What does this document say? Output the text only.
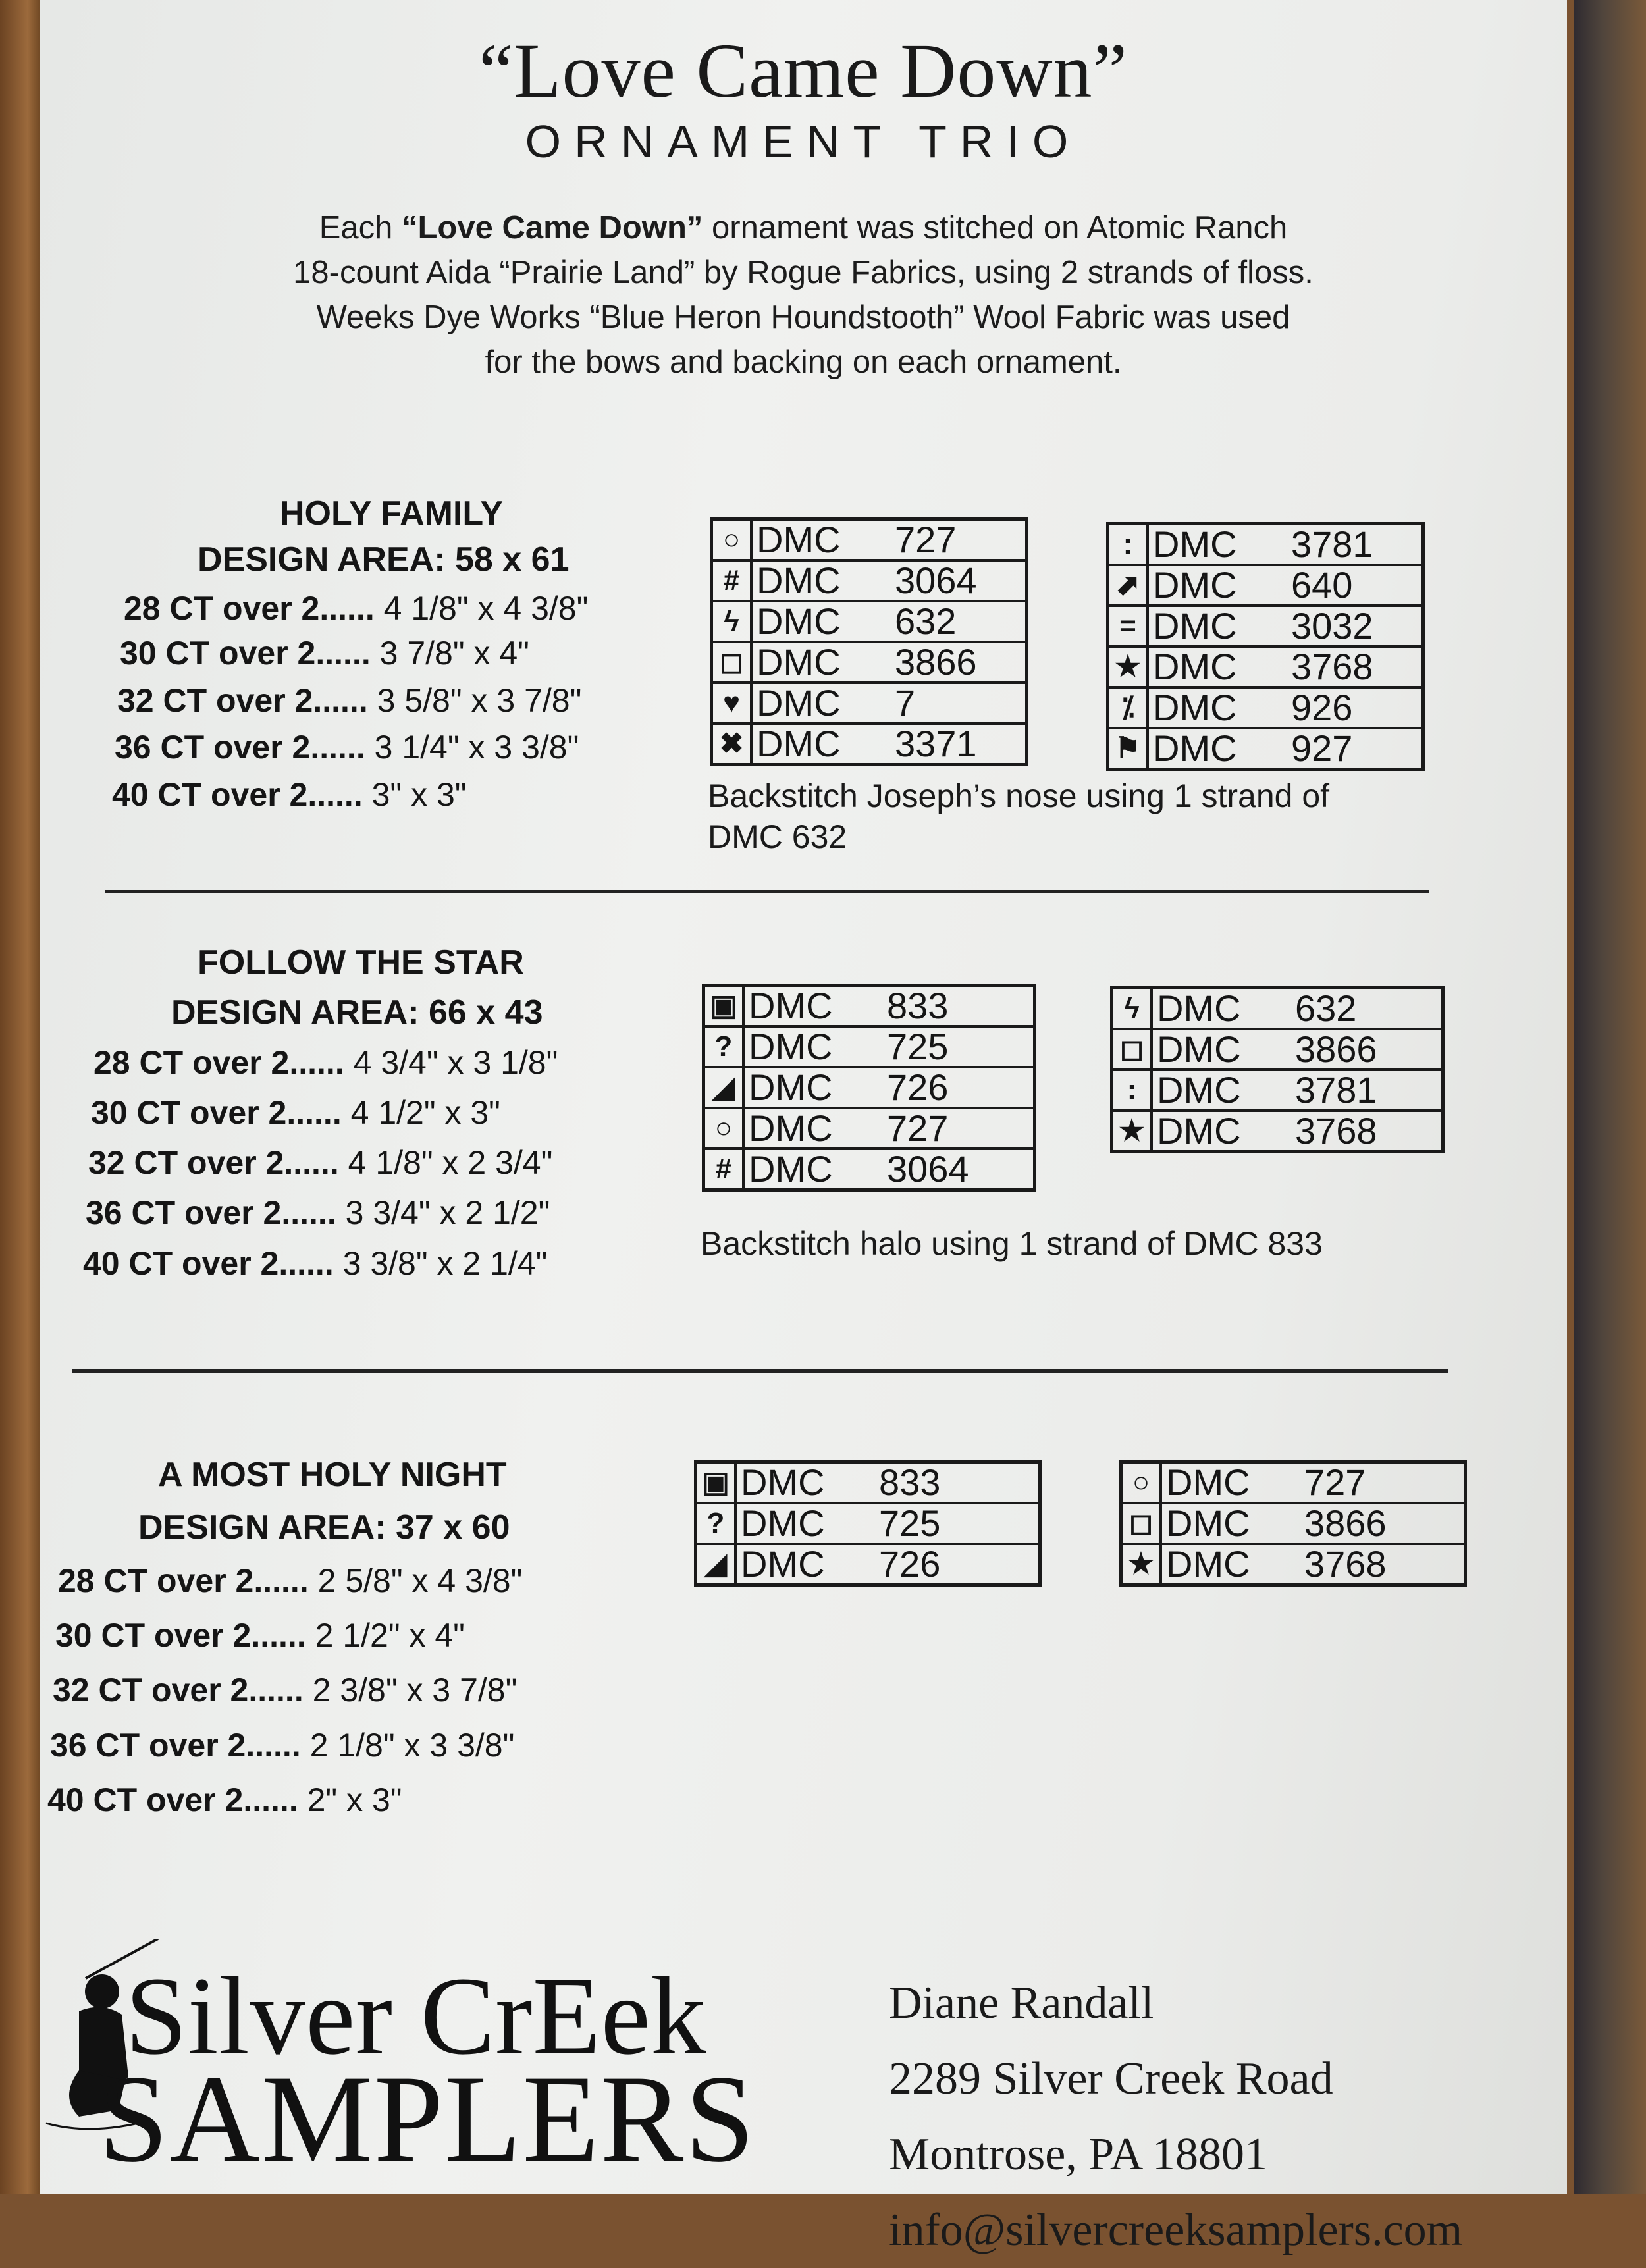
“Love Came Down”
ORNAMENT TRIO
Each “Love Came Down” ornament was stitched on Atomic Ranch
18-count Aida “Prairie Land” by Rogue Fabrics, using 2 strands of floss.
Weeks Dye Works “Blue Heron Houndstooth” Wool Fabric was used
for the bows and backing on each ornament.
HOLY FAMILY
DESIGN AREA: 58 x 61
28 CT over 2...... 4 1/8" x 4 3/8"
30 CT over 2...... 3 7/8" x 4"
32 CT over 2...... 3 5/8" x 3 7/8"
36 CT over 2...... 3 1/4" x 3 3/8"
40 CT over 2...... 3" x 3"
○	DMC 727
#	DMC 3064
ϟ	DMC 632
◻	DMC 3866
♥	DMC 7
✖	DMC 3371
:	DMC 3781
⬈	DMC 640
=	DMC 3032
★	DMC 3768
⁒	DMC 926
⚑	DMC 927
Backstitch Joseph’s nose using 1 strand of
DMC 632
FOLLOW THE STAR
DESIGN AREA: 66 x 43
28 CT over 2...... 4 3/4" x 3 1/8"
30 CT over 2...... 4 1/2" x 3"
32 CT over 2...... 4 1/8" x 2 3/4"
36 CT over 2...... 3 3/4" x 2 1/2"
40 CT over 2...... 3 3/8" x 2 1/4"
▣	DMC 833
?	DMC 725
◢	DMC 726
○	DMC 727
#	DMC 3064
ϟ	DMC 632
◻	DMC 3866
:	DMC 3781
★	DMC 3768
Backstitch halo using 1 strand of DMC 833
A MOST HOLY NIGHT
DESIGN AREA: 37 x 60
28 CT over 2...... 2 5/8" x 4 3/8"
30 CT over 2...... 2 1/2" x 4"
32 CT over 2...... 2 3/8" x 3 7/8"
36 CT over 2...... 2 1/8" x 3 3/8"
40 CT over 2...... 2" x 3"
▣	DMC 833
?	DMC 725
◢	DMC 726
○	DMC 727
◻	DMC 3866
★	DMC 3768
Silver CrEek
SAMPLERS
Diane Randall
2289 Silver Creek Road
Montrose, PA 18801
info@silvercreeksamplers.com
